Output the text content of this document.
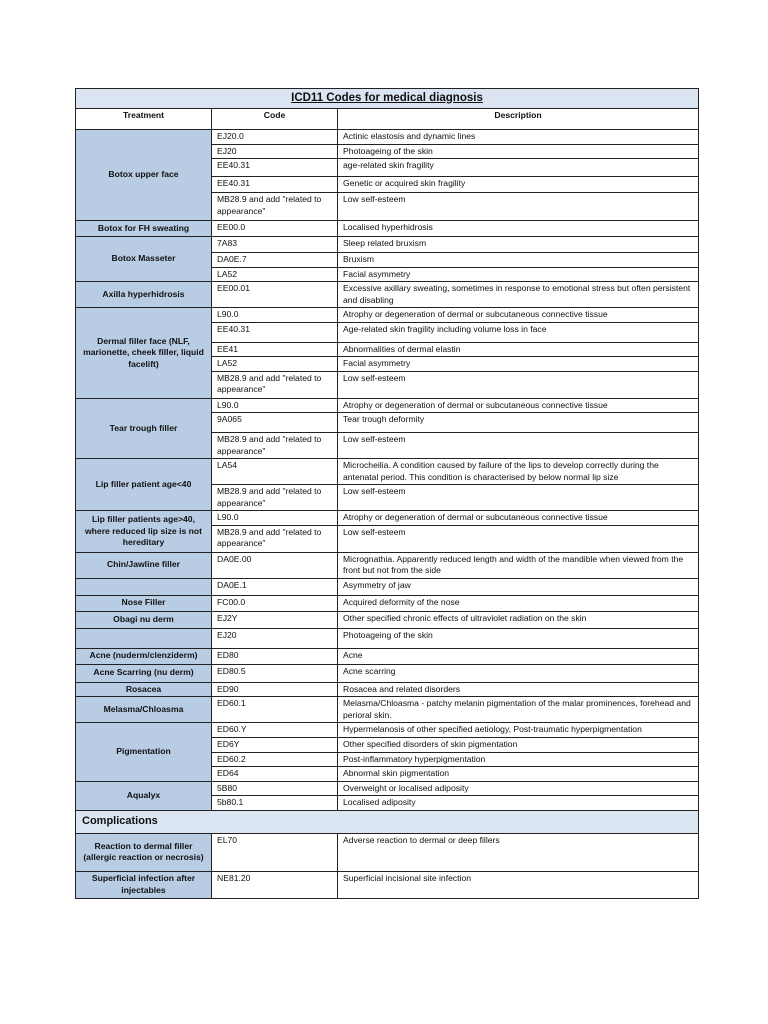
ICD11 Codes for medical diagnosis		
Treatment	Code	Description
Botox upper face	EJ20.0	Actinic elastosis and dynamic lines
	EJ20	Photoageing of the skin
	EE40.31	age-related skin fragility
	EE40.31	Genetic or acquired skin fragility
	MB28.9 and add "related to appearance"	Low self-esteem
Botox for FH sweating	EE00.0	Localised hyperhidrosis
Botox Masseter	7A83	Sleep related bruxism
	DA0E.7	Bruxism
	LA52	Facial asymmetry
Axilla hyperhidrosis	EE00.01	Excessive axillary sweating, sometimes in response to emotional stress but often persistent and disabling
Dermal filler face (NLF, marionette, cheek filler, liquid facelift)	L90.0	Atrophy or degeneration of dermal or subcutaneous connective tissue
	EE40.31	Age-related skin fragility including volume loss in face
	EE41	Abnormalities of dermal elastin
	LA52	Facial asymmetry
	MB28.9 and add "related to appearance"	Low self-esteem
Tear trough filler	L90.0	Atrophy or degeneration of dermal or subcutaneous connective tissue
	9A065	Tear trough deformity
	MB28.9 and add "related to appearance"	Low self-esteem
Lip filler patient age<40	LA54	Microcheilia. A condition caused by failure of the lips to develop correctly during the antenatal period. This condition is characterised by below normal lip size
	MB28.9 and add "related to appearance"	Low self-esteem
Lip filler patients age>40, where reduced lip size is not hereditary	L90.0	Atrophy or degeneration of dermal or subcutaneous connective tissue
	MB28.9 and add "related to appearance"	Low self-esteem
Chin/Jawline filler	DA0E.00	Micrognathia. Apparently reduced length and width of the mandible when viewed from the front but not from the side
	DA0E.1	Asymmetry of jaw
Nose Filler	FC00.0	Acquired deformity of the nose
Obagi nu derm	EJ2Y	Other specified chronic effects of ultraviolet radiation on the skin
	EJ20	Photoageing of the skin
Acne (nuderm/clenziderm)	ED80	Acne
Acne Scarring (nu derm)	ED80.5	Acne scarring
Rosacea	ED90	Rosacea and related disorders
Melasma/Chloasma	ED60.1	Melasma/Chloasma - patchy melanin pigmentation of the malar prominences, forehead and perioral skin.
Pigmentation	ED60.Y	Hypermelanosis of other specified aetiology, Post-traumatic hyperpigmentation
	ED6Y	Other specified disorders of skin pigmentation
	ED60.2	Post-inflammatory hyperpigmentation
	ED64	Abnormal skin pigmentation
Aqualyx	5B80	Overweight or localised adiposity
	5b80.1	Localised adiposity
Complications		
Reaction to dermal filler (allergic reaction or necrosis)	EL70	Adverse reaction to dermal or deep fillers
Superficial infection after injectables	NE81.20	Superficial incisional site infection
